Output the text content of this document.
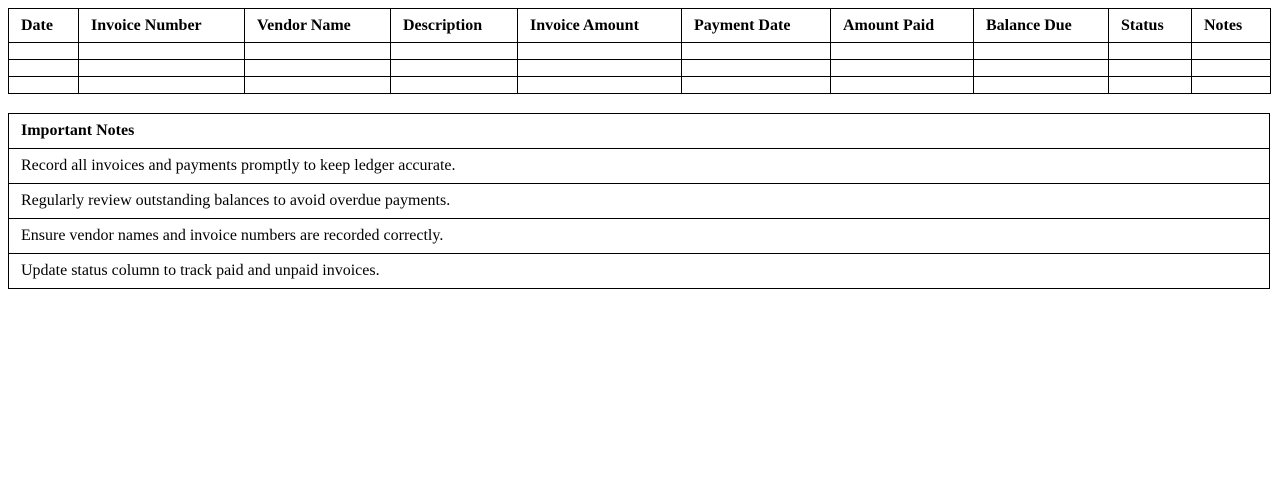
Date	Invoice Number	Vendor Name	Description	Invoice Amount	Payment Date	Amount Paid	Balance Due	Status	Notes

Important Notes
Record all invoices and payments promptly to keep ledger accurate.
Regularly review outstanding balances to avoid overdue payments.
Ensure vendor names and invoice numbers are recorded correctly.
Update status column to track paid and unpaid invoices.
